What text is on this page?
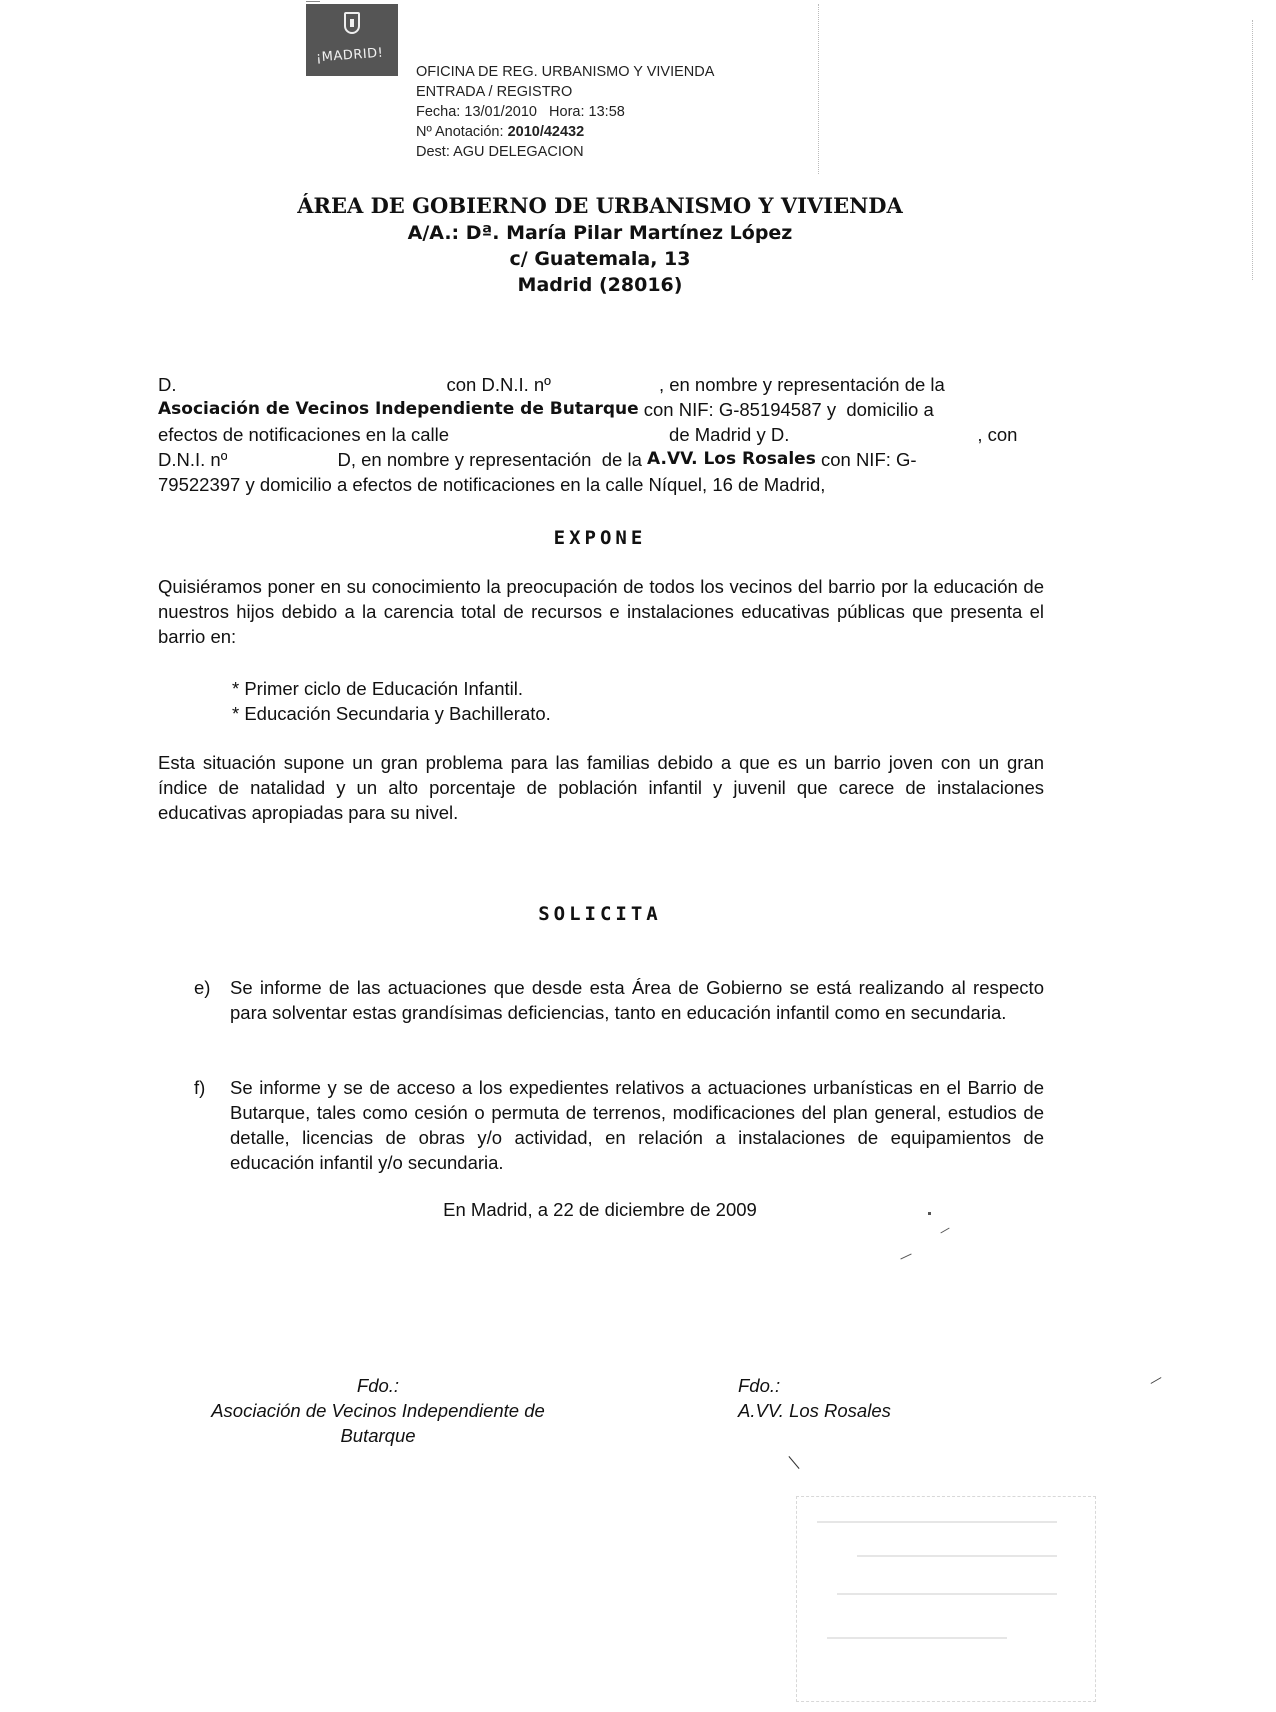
¡MADRID!
OFICINA DE REG. URBANISMO Y VIVIENDA
ENTRADA / REGISTRO
Fecha: 13/01/2010 Hora: 13:58
Nº Anotación: 2010/42432
Dest: AGU DELEGACION
ÁREA DE GOBIERNO DE URBANISMO Y VIVIENDA
A/A.: Dª. María Pilar Martínez López
c/ Guatemala, 13
Madrid (28016)
D.	con D.N.I. nº	, en nombre y representación de la
Asociación de Vecinos Independiente de Butarque con NIF: G-85194587 y  domicilio a
efectos de notificaciones en la calle	de Madrid y D.	, con
D.N.I. nº	D, en nombre y representación  de la A.VV. Los Rosales con NIF: G-
79522397 y domicilio a efectos de notificaciones en la calle Níquel, 16 de Madrid,
EXPONE
Quisiéramos poner en su conocimiento la preocupación de todos los vecinos del barrio por la educación de nuestros hijos debido a la carencia total de recursos e instalaciones educativas públicas que presenta el barrio en:
* Primer ciclo de Educación Infantil.
* Educación Secundaria y Bachillerato.
Esta situación supone un gran problema para las familias debido a que es un barrio joven con un gran índice de natalidad y un alto porcentaje de población infantil y juvenil que carece de instalaciones educativas apropiadas para su nivel.
SOLICITA
e)	Se informe de las actuaciones que desde esta Área de Gobierno se está realizando al respecto para solventar estas grandísimas deficiencias, tanto en educación infantil como en secundaria.
f)	Se informe y se de acceso a los expedientes relativos a actuaciones urbanísticas en el Barrio de Butarque, tales como cesión o permuta de terrenos, modificaciones del plan general, estudios de detalle, licencias de obras y/o actividad, en relación a instalaciones de equipamientos de educación infantil y/o secundaria.
En Madrid, a 22 de diciembre de 2009
Fdo.:
Asociación de Vecinos Independiente de
Butarque
Fdo.:
A.VV. Los Rosales
